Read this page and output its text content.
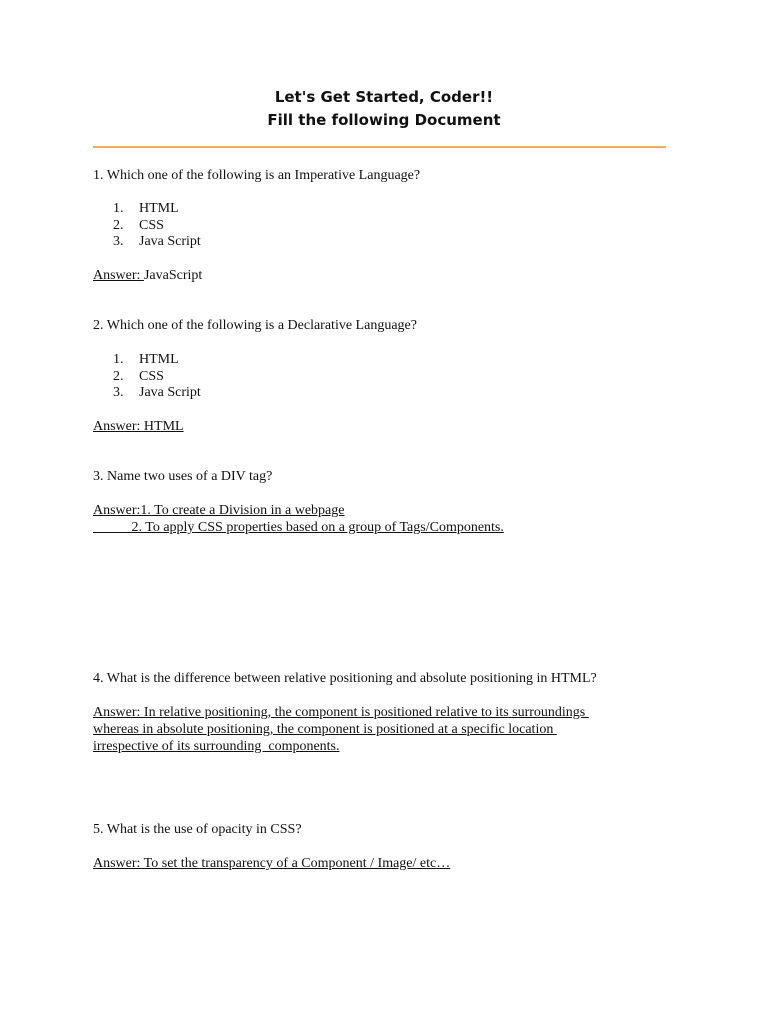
Let's Get Started, Coder!!
Fill the following Document
1. Which one of the following is an Imperative Language?
1. HTML
2. CSS
3. Java Script
Answer: JavaScript
2. Which one of the following is a Declarative Language?
1. HTML
2. CSS
3. Java Script
Answer: HTML
3. Name two uses of a DIV tag?
Answer:1. To create a Division in a webpage
2. To apply CSS properties based on a group of Tags/Components.
4. What is the difference between relative positioning and absolute positioning in HTML?
Answer: In relative positioning, the component is positioned relative to its surroundings
whereas in absolute positioning, the component is positioned at a specific location
irrespective of its surrounding  components.
5. What is the use of opacity in CSS?
Answer: To set the transparency of a Component / Image/ etc…
